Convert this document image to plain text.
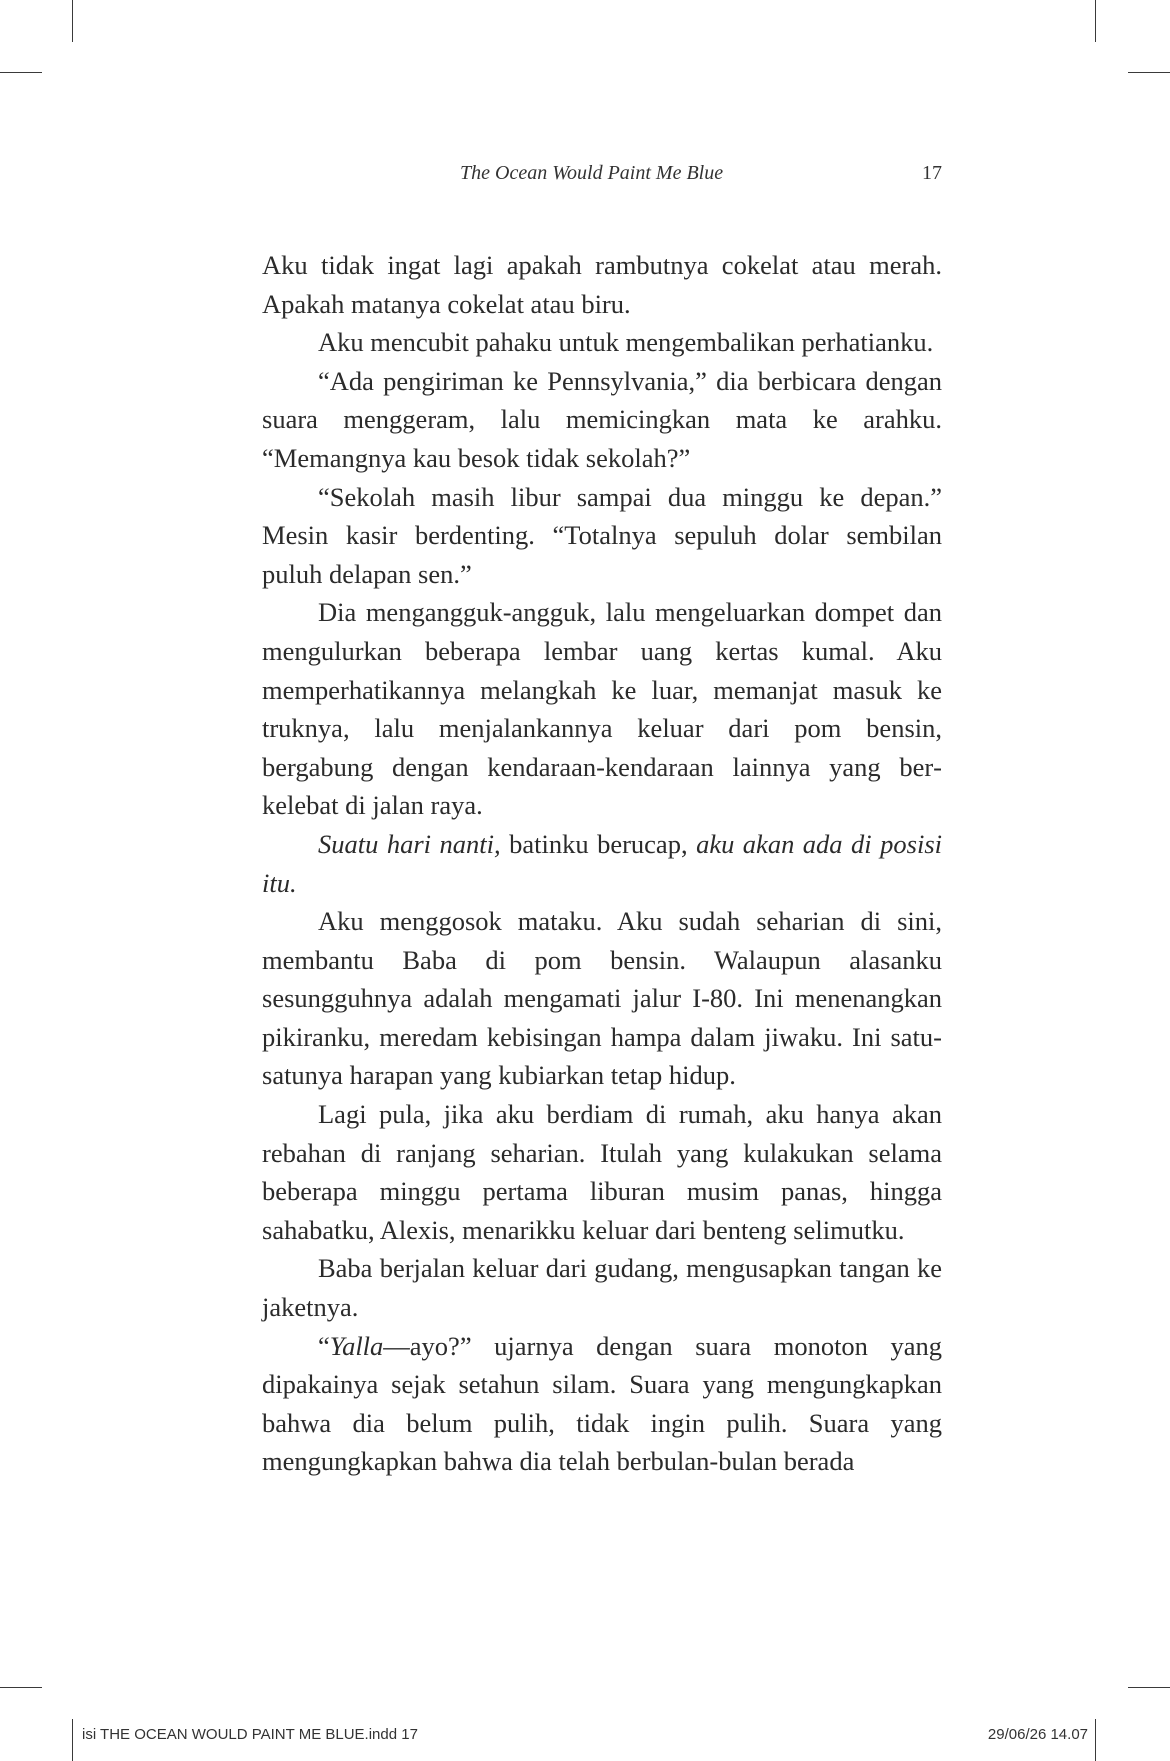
The Ocean Would Paint Me Blue	17

Aku tidak ingat lagi apakah rambutnya cokelat atau merah. Apakah matanya cokelat atau biru.

Aku mencubit pahaku untuk mengembalikan perhatianku.

“Ada pengiriman ke Pennsylvania,” dia berbicara dengan suara menggeram, lalu memicingkan mata ke arahku. “Memangnya kau besok tidak sekolah?”

“Sekolah masih libur sampai dua minggu ke depan.” Mesin kasir berdenting. “Totalnya sepuluh dolar sembilan puluh delapan sen.”

Dia mengangguk-angguk, lalu mengeluarkan dompet dan mengulurkan beberapa lembar uang kertas kumal. Aku memperhatikannya melangkah ke luar, memanjat masuk ke truknya, lalu menjalankannya keluar dari pom bensin, bergabung dengan kendaraan-kendaraan lainnya yang berkelebat di jalan raya.

Suatu hari nanti, batinku berucap, aku akan ada di posisi itu.

Aku menggosok mataku. Aku sudah seharian di sini, membantu Baba di pom bensin. Walaupun alasanku sesungguhnya adalah mengamati jalur I-80. Ini menenangkan pikiranku, meredam kebisingan hampa dalam jiwaku. Ini satu-satunya harapan yang kubiarkan tetap hidup.

Lagi pula, jika aku berdiam di rumah, aku hanya akan rebahan di ranjang seharian. Itulah yang kulakukan selama beberapa minggu pertama liburan musim panas, hingga sahabatku, Alexis, menarikku keluar dari benteng selimutku.

Baba berjalan keluar dari gudang, mengusapkan tangan ke jaketnya.

“Yalla—ayo?” ujarnya dengan suara monoton yang dipakainya sejak setahun silam. Suara yang mengungkapkan bahwa dia belum pulih, tidak ingin pulih. Suara yang mengungkapkan bahwa dia telah berbulan-bulan berada

isi THE OCEAN WOULD PAINT ME BLUE.indd 17	29/06/26 14.07
